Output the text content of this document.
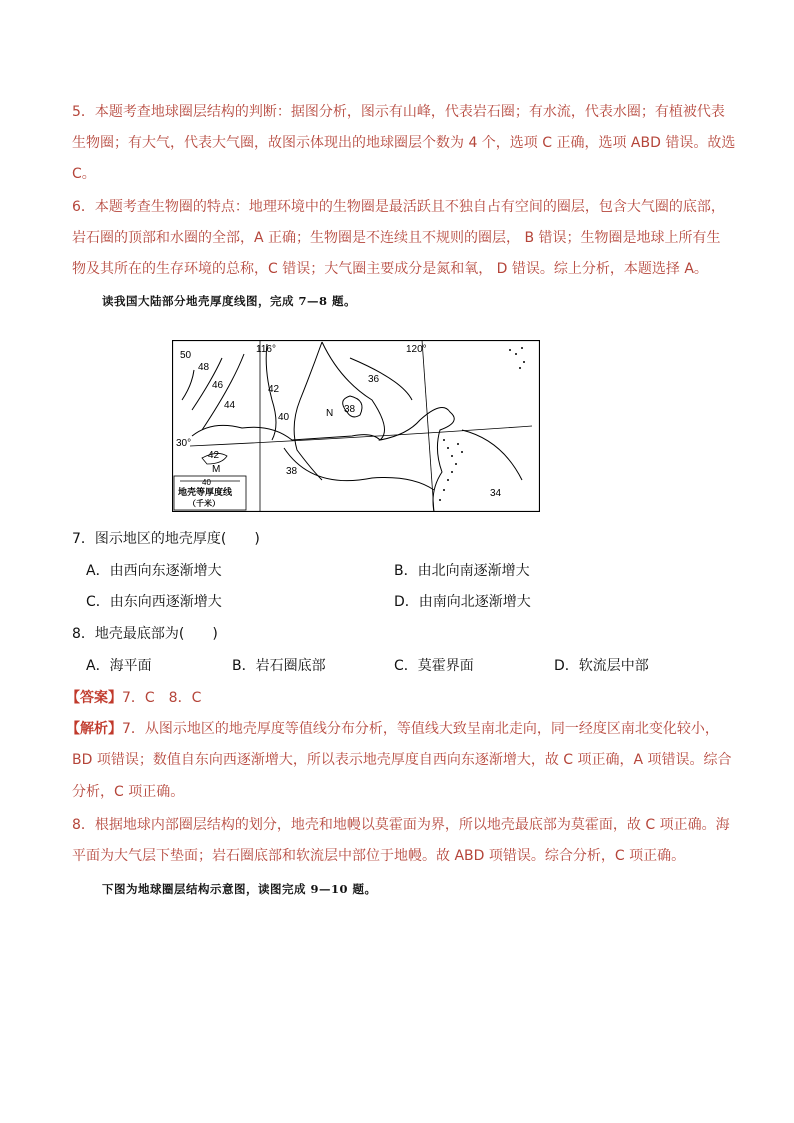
5．本题考查地球圈层结构的判断：据图分析，图示有山峰，代表岩石圈；有水流，代表水圈；有植被代表
生物圈；有大气，代表大气圈，故图示体现出的地球圈层个数为 4 个，选项 C 正确，选项 ABD 错误。故选
C。
6．本题考查生物圈的特点：地理环境中的生物圈是最活跃且不独自占有空间的圈层，包含大气圈的底部，
岩石圈的顶部和水圈的全部，A 正确；生物圈是不连续且不规则的圈层， B 错误；生物圈是地球上所有生
物及其所在的生存环境的总称，C 错误；大气圈主要成分是氮和氧， D 错误。综上分析，本题选择 A。
读我国大陆部分地壳厚度线图，完成 7—8 题。
50
48
46
44
42
40
38
36
34
42
38
116°	120°
30°
N
M
40
地壳等厚度线
（千米）
7．图示地区的地壳厚度(　　)
A．由西向东逐渐增大	B．由北向南逐渐增大
C．由东向西逐渐增大	D．由南向北逐渐增大
8．地壳最底部为(　　)
A．海平面	B．岩石圈底部	C．莫霍界面	D．软流层中部
【答案】7．C　8．C
【解析】7．从图示地区的地壳厚度等值线分布分析，等值线大致呈南北走向，同一经度区南北变化较小，
BD 项错误；数值自东向西逐渐增大，所以表示地壳厚度自西向东逐渐增大，故 C 项正确，A 项错误。综合
分析，C 项正确。
8．根据地球内部圈层结构的划分，地壳和地幔以莫霍面为界，所以地壳最底部为莫霍面，故 C 项正确。海
平面为大气层下垫面；岩石圈底部和软流层中部位于地幔。故 ABD 项错误。综合分析，C 项正确。
下图为地球圈层结构示意图，读图完成 9—10 题。
